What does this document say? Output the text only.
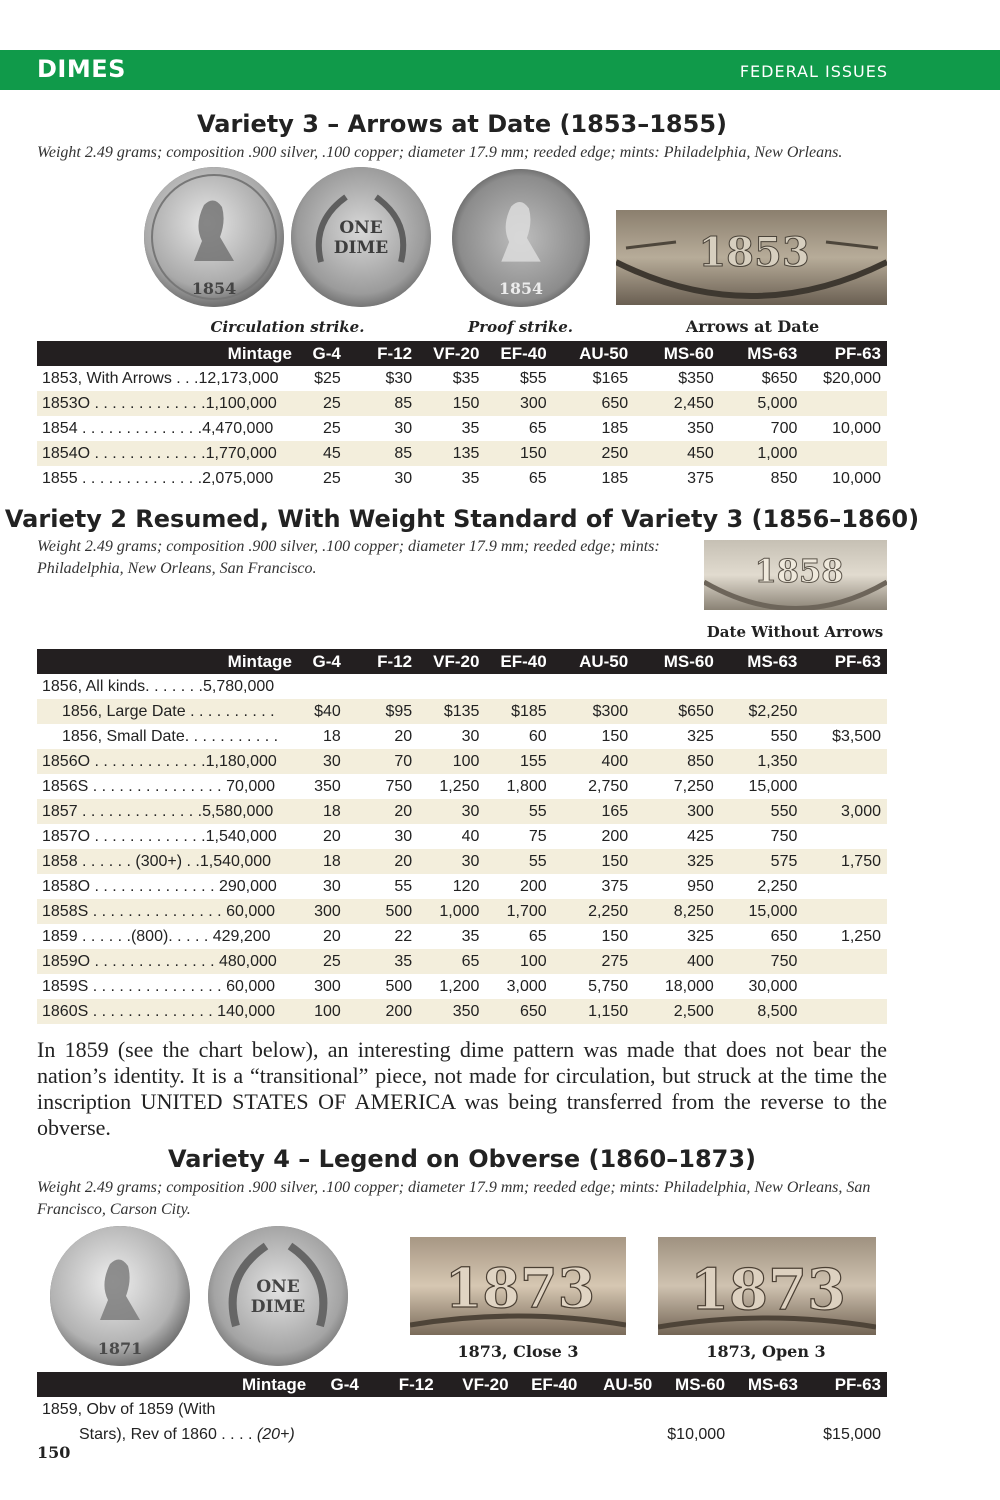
DIMES	FEDERAL ISSUES
Variety 3 – Arrows at Date (1853–1855)
Weight 2.49 grams; composition .900 silver, .100 copper; diameter 17.9 mm; reeded edge; mints: Philadelphia, New Orleans.
1854
ONE
DIME
1854
1853
Circulation strike.	Proof strike.	Arrows at Date
Mintage	G-4	F-12	VF-20	EF-40	AU-50	MS-60	MS-63	PF-63
1853, With Arrows . . .12,173,000	$25	$30	$35	$55	$165	$350	$650	$20,000
1853O . . . . . . . . . . . . .1,100,000	25	85	150	300	650	2,450	5,000	
1854 . . . . . . . . . . . . . .4,470,000	25	30	35	65	185	350	700	10,000
1854O . . . . . . . . . . . . .1,770,000	45	85	135	150	250	450	1,000	
1855 . . . . . . . . . . . . . .2,075,000	25	30	35	65	185	375	850	10,000
Variety 2 Resumed, With Weight Standard of Variety 3 (1856–1860)
Weight 2.49 grams; composition .900 silver, .100 copper; diameter 17.9 mm; reeded edge; mints: Philadelphia, New Orleans, San Francisco.	1858
Date Without Arrows
Mintage	G-4	F-12	VF-20	EF-40	AU-50	MS-60	MS-63	PF-63
1856, All kinds. . . . . . .5,780,000								
1856, Large Date . . . . . . . . . .	$40	$95	$135	$185	$300	$650	$2,250	
1856, Small Date. . . . . . . . . . .	18	20	30	60	150	325	550	$3,500
1856O . . . . . . . . . . . . .1,180,000	30	70	100	155	400	850	1,350	
1856S . . . . . . . . . . . . . . . 70,000	350	750	1,250	1,800	2,750	7,250	15,000	
1857 . . . . . . . . . . . . . .5,580,000	18	20	30	55	165	300	550	3,000
1857O . . . . . . . . . . . . .1,540,000	20	30	40	75	200	425	750	
1858 . . . . . . (300+) . .1,540,000	18	20	30	55	150	325	575	1,750
1858O . . . . . . . . . . . . . . 290,000	30	55	120	200	375	950	2,250	
1858S . . . . . . . . . . . . . . . 60,000	300	500	1,000	1,700	2,250	8,250	15,000	
1859 . . . . . .(800). . . . . 429,200	20	22	35	65	150	325	650	1,250
1859O . . . . . . . . . . . . . . 480,000	25	35	65	100	275	400	750	
1859S . . . . . . . . . . . . . . . 60,000	300	500	1,200	3,000	5,750	18,000	30,000	
1860S . . . . . . . . . . . . . . 140,000	100	200	350	650	1,150	2,500	8,500	
In 1859 (see the chart below), an interesting dime pattern was made that does not bear the nation’s identity. It is a “transitional” piece, not made for circulation, but struck at the time the inscription UNITED STATES OF AMERICA was being transferred from the reverse to the obverse.
Variety 4 – Legend on Obverse (1860–1873)
Weight 2.49 grams; composition .900 silver, .100 copper; diameter 17.9 mm; reeded edge; mints: Philadelphia, New Orleans, San Francisco, Carson City.
1871
ONE
DIME	1873 1873
1873, Close 3	1873, Open 3
Mintage	G-4	F-12	VF-20	EF-40	AU-50	MS-60	MS-63	PF-63
1859, Obv of 1859 (With								
Stars), Rev of 1860 . . . . (20+)						$10,000		$15,000
150
